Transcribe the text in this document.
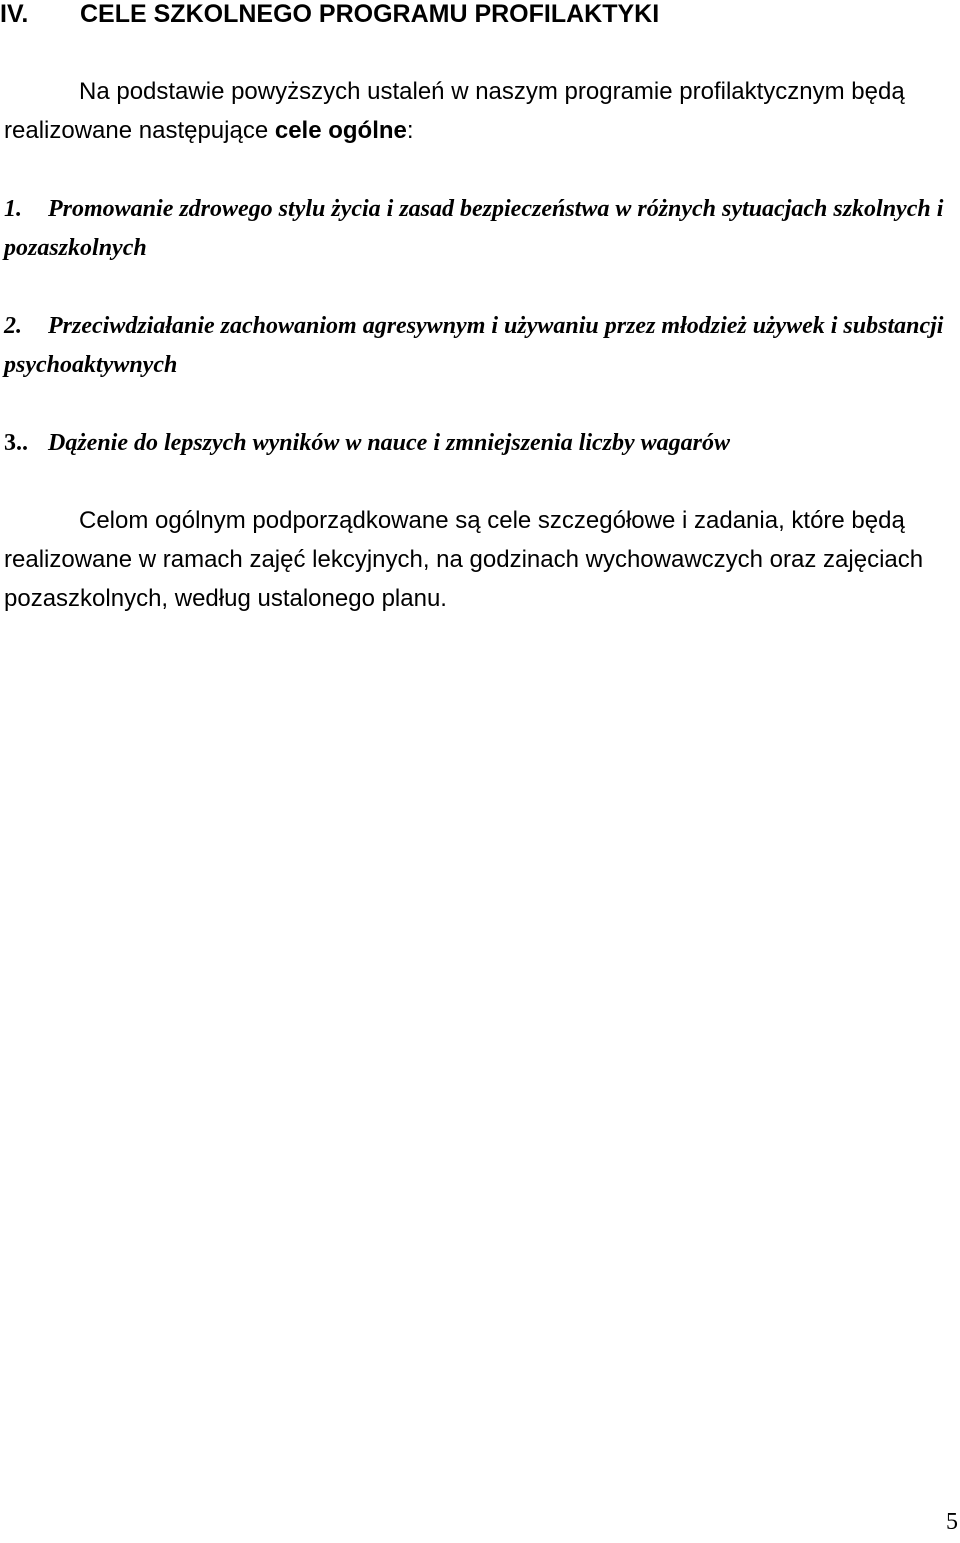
IV. CELE SZKOLNEGO PROGRAMU PROFILAKTYKI

Na podstawie powyższych ustaleń w naszym programie profilaktycznym będą realizowane następujące cele ogólne:

1. Promowanie zdrowego stylu życia i zasad bezpieczeństwa w różnych sytuacjach szkolnych i pozaszkolnych

2. Przeciwdziałanie zachowaniom agresywnym i używaniu przez młodzież używek i substancji psychoaktywnych

3.. Dążenie do lepszych wyników w nauce i zmniejszenia liczby wagarów

Celom ogólnym podporządkowane są cele szczegółowe i zadania, które będą realizowane w ramach zajęć lekcyjnych, na godzinach wychowawczych oraz zajęciach pozaszkolnych, według ustalonego planu.

5
